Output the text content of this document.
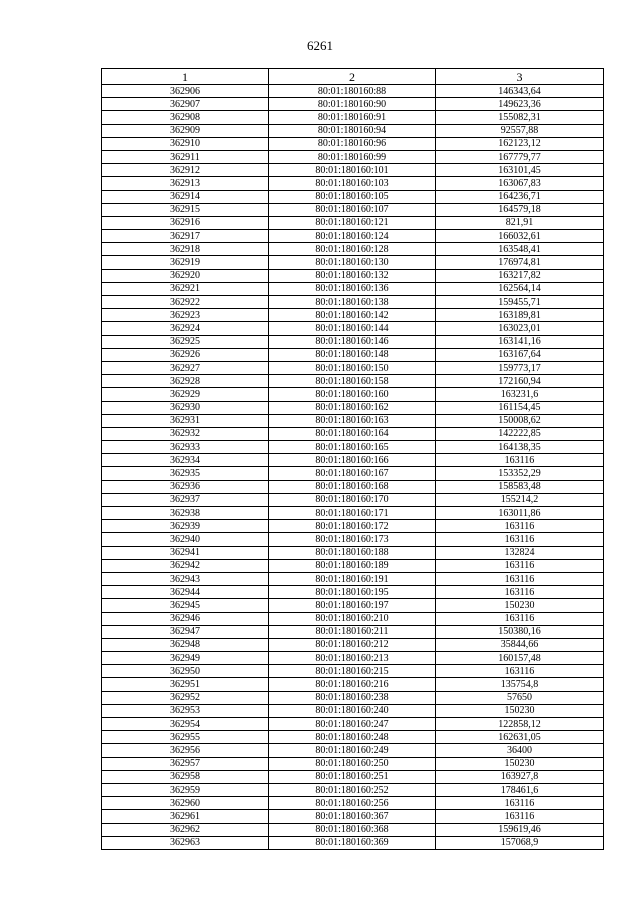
6261
1	2	3
362906	80:01:180160:88	146343,64
362907	80:01:180160:90	149623,36
362908	80:01:180160:91	155082,31
362909	80:01:180160:94	92557,88
362910	80:01:180160:96	162123,12
362911	80:01:180160:99	167779,77
362912	80:01:180160:101	163101,45
362913	80:01:180160:103	163067,83
362914	80:01:180160:105	164236,71
362915	80:01:180160:107	164579,18
362916	80:01:180160:121	821,91
362917	80:01:180160:124	166032,61
362918	80:01:180160:128	163548,41
362919	80:01:180160:130	176974,81
362920	80:01:180160:132	163217,82
362921	80:01:180160:136	162564,14
362922	80:01:180160:138	159455,71
362923	80:01:180160:142	163189,81
362924	80:01:180160:144	163023,01
362925	80:01:180160:146	163141,16
362926	80:01:180160:148	163167,64
362927	80:01:180160:150	159773,17
362928	80:01:180160:158	172160,94
362929	80:01:180160:160	163231,6
362930	80:01:180160:162	161154,45
362931	80:01:180160:163	150008,62
362932	80:01:180160:164	142222,85
362933	80:01:180160:165	164138,35
362934	80:01:180160:166	163116
362935	80:01:180160:167	153352,29
362936	80:01:180160:168	158583,48
362937	80:01:180160:170	155214,2
362938	80:01:180160:171	163011,86
362939	80:01:180160:172	163116
362940	80:01:180160:173	163116
362941	80:01:180160:188	132824
362942	80:01:180160:189	163116
362943	80:01:180160:191	163116
362944	80:01:180160:195	163116
362945	80:01:180160:197	150230
362946	80:01:180160:210	163116
362947	80:01:180160:211	150380,16
362948	80:01:180160:212	35844,66
362949	80:01:180160:213	160157,48
362950	80:01:180160:215	163116
362951	80:01:180160:216	135754,8
362952	80:01:180160:238	57650
362953	80:01:180160:240	150230
362954	80:01:180160:247	122858,12
362955	80:01:180160:248	162631,05
362956	80:01:180160:249	36400
362957	80:01:180160:250	150230
362958	80:01:180160:251	163927,8
362959	80:01:180160:252	178461,6
362960	80:01:180160:256	163116
362961	80:01:180160:367	163116
362962	80:01:180160:368	159619,46
362963	80:01:180160:369	157068,9
